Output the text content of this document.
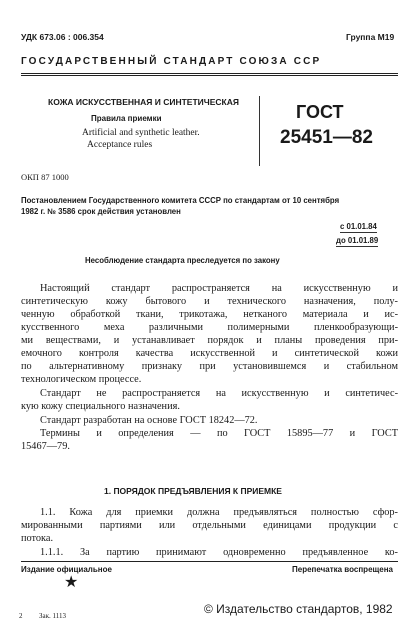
УДК 673.06 : 006.354	Группа М19
ГОСУДАРСТВЕННЫЙ СТАНДАРТ СОЮЗА ССР
КОЖА ИСКУССТВЕННАЯ И СИНТЕТИЧЕСКАЯ
Правила приемки
Artificial and synthetic leather.
Acceptance rules
ГОСТ
25451—82
ОКП 87 1000
Постановлением Государственного комитета СССР по стандартам от 10 сентября
1982 г. № 3586 срок действия установлен
с 01.01.84
до 01.01.89
Несоблюдение стандарта преследуется по закону
Настоящий стандарт распространяется на искусственную и
синтетическую кожу бытового и технического назначения, полу-
ченную обработкой ткани, трикотажа, нетканого материала и ис-
кусственного меха различными полимерными пленкообразующи-
ми веществами, и устанавливает порядок и планы проведения при-
емочного контроля качества искусственной и синтетической кожи
по альтернативному признаку при установившемся и стабильном
технологическом процессе.
Стандарт не распространяется на искусственную и синтетичес-
кую кожу специального назначения.
Стандарт разработан на основе ГОСТ 18242—72.
Термины и определения — по ГОСТ 15895—77 и ГОСТ
15467—79.
1. ПОРЯДОК ПРЕДЪЯВЛЕНИЯ К ПРИЕМКЕ
1.1. Кожа для приемки должна предъявляться полностью сфор-
мированными партиями или отдельными единицами продукции с
потока.
1.1.1. За партию принимают одновременно предъявленное ко-
Издание официальное	Перепечатка воспрещена
★
2 Зак. 1113	© Издательство стандартов, 1982
